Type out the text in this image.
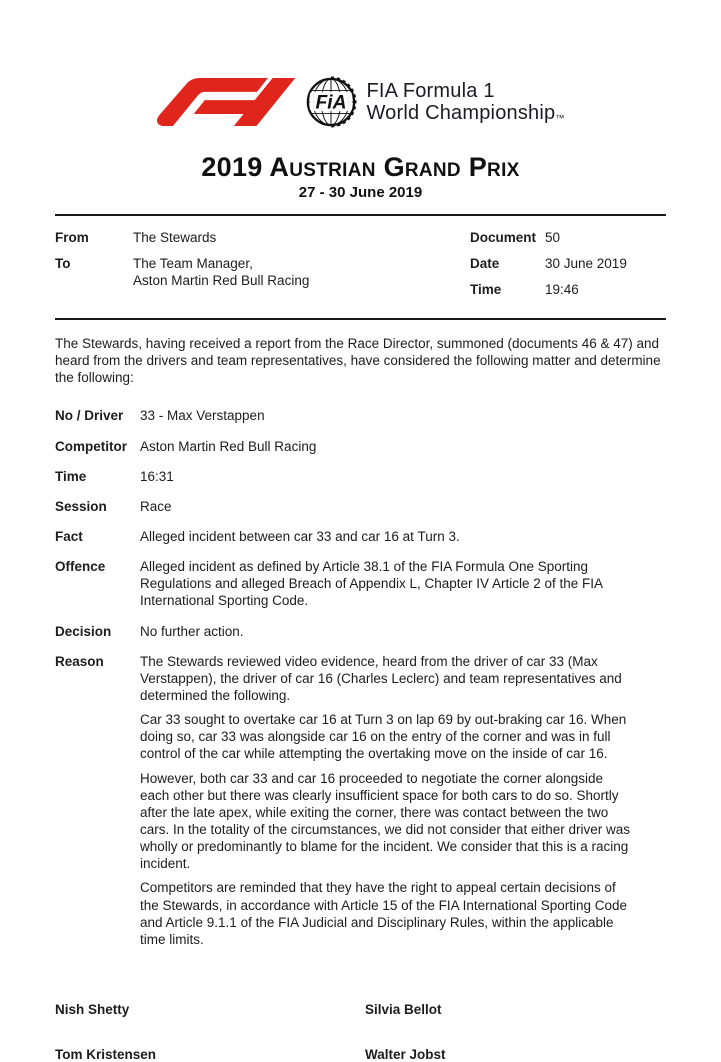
FiA
FIA Formula 1
World Championship™
2019 Austrian Grand Prix
27 - 30 June 2019
From	The Stewards
To	The Team Manager,
Aston Martin Red Bull Racing
Document 50
Date	30 June 2019
Time	19:46

The Stewards, having received a report from the Race Director, summoned (documents 46 & 47) and heard from the drivers and team representatives, have considered the following matter and determine the following:

No / Driver	33 - Max Verstappen
Competitor Aston Martin Red Bull Racing
Time	16:31
Session	Race
Fact	Alleged incident between car 33 and car 16 at Turn 3.
Offence	Alleged incident as defined by Article 38.1 of the FIA Formula One Sporting Regulations and alleged Breach of Appendix L, Chapter IV Article 2 of the FIA International Sporting Code.
Decision	No further action.
Reason	The Stewards reviewed video evidence, heard from the driver of car 33 (Max Verstappen), the driver of car 16 (Charles Leclerc) and team representatives and determined the following.

Car 33 sought to overtake car 16 at Turn 3 on lap 69 by out-braking car 16. When doing so, car 33 was alongside car 16 on the entry of the corner and was in full control of the car while attempting the overtaking move on the inside of car 16.

However, both car 33 and car 16 proceeded to negotiate the corner alongside each other but there was clearly insufficient space for both cars to do so. Shortly after the late apex, while exiting the corner, there was contact between the two cars. In the totality of the circumstances, we did not consider that either driver was wholly or predominantly to blame for the incident. We consider that this is a racing incident.

Competitors are reminded that they have the right to appeal certain decisions of the Stewards, in accordance with Article 15 of the FIA International Sporting Code and Article 9.1.1 of the FIA Judicial and Disciplinary Rules, within the applicable time limits.

Nish Shetty
Tom Kristensen
Silvia Bellot
Walter Jobst
